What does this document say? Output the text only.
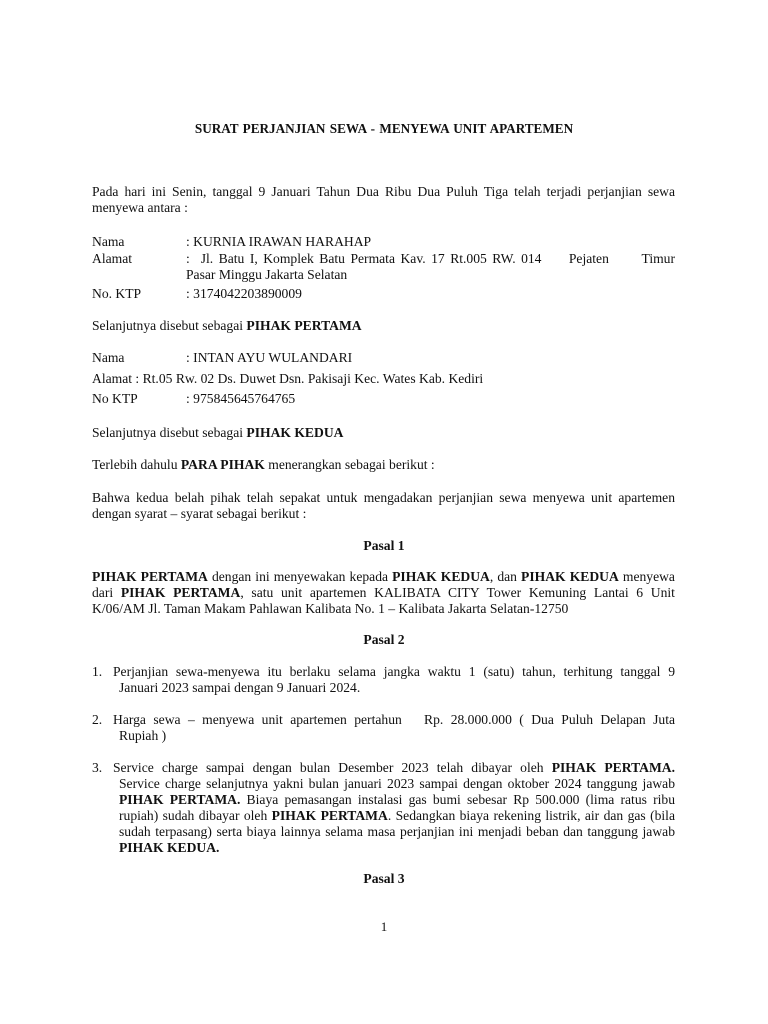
SURAT PERJANJIAN SEWA - MENYEWA UNIT APARTEMEN

Pada hari ini Senin, tanggal 9 Januari Tahun Dua Ribu Dua Puluh Tiga telah terjadi perjanjian sewa menyewa antara :

Nama	: KURNIA IRAWAN HARAHAP
Alamat	:  Jl. Batu I, Komplek Batu Permata Kav. 17 Rt.005 RW. 014     Pejaten      Timur
Pasar Minggu Jakarta Selatan
No. KTP	: 3174042203890009

Selanjutnya disebut sebagai PIHAK PERTAMA

Nama	: INTAN AYU WULANDARI

Alamat : Rt.05 Rw. 02 Ds. Duwet Dsn. Pakisaji Kec. Wates Kab. Kediri

No KTP	: 975845645764765

Selanjutnya disebut sebagai PIHAK KEDUA

Terlebih dahulu PARA PIHAK menerangkan sebagai berikut :

Bahwa kedua belah pihak telah sepakat untuk mengadakan perjanjian sewa menyewa unit apartemen dengan syarat – syarat sebagai berikut :

Pasal 1

PIHAK PERTAMA dengan ini menyewakan kepada PIHAK KEDUA, dan PIHAK KEDUA menyewa dari PIHAK PERTAMA, satu unit apartemen KALIBATA CITY Tower Kemuning Lantai 6 Unit K/06/AM Jl. Taman Makam Pahlawan Kalibata No. 1 – Kalibata Jakarta Selatan-12750

Pasal 2

1. Perjanjian sewa-menyewa itu berlaku selama jangka waktu 1 (satu) tahun, terhitung tanggal 9

Januari 2023 sampai dengan 9 Januari 2024.

2. Harga sewa – menyewa unit apartemen pertahun   Rp. 28.000.000 ( Dua Puluh Delapan Juta

Rupiah )

3. Service charge sampai dengan bulan Desember 2023 telah dibayar oleh PIHAK PERTAMA.

Service charge selanjutnya yakni bulan januari 2023 sampai dengan oktober 2024 tanggung jawab PIHAK PERTAMA. Biaya pemasangan instalasi gas bumi sebesar Rp 500.000 (lima ratus ribu rupiah) sudah dibayar oleh PIHAK PERTAMA. Sedangkan biaya rekening listrik, air dan gas (bila sudah terpasang) serta biaya lainnya selama masa perjanjian ini menjadi beban dan tanggung jawab PIHAK KEDUA.

Pasal 3

1
